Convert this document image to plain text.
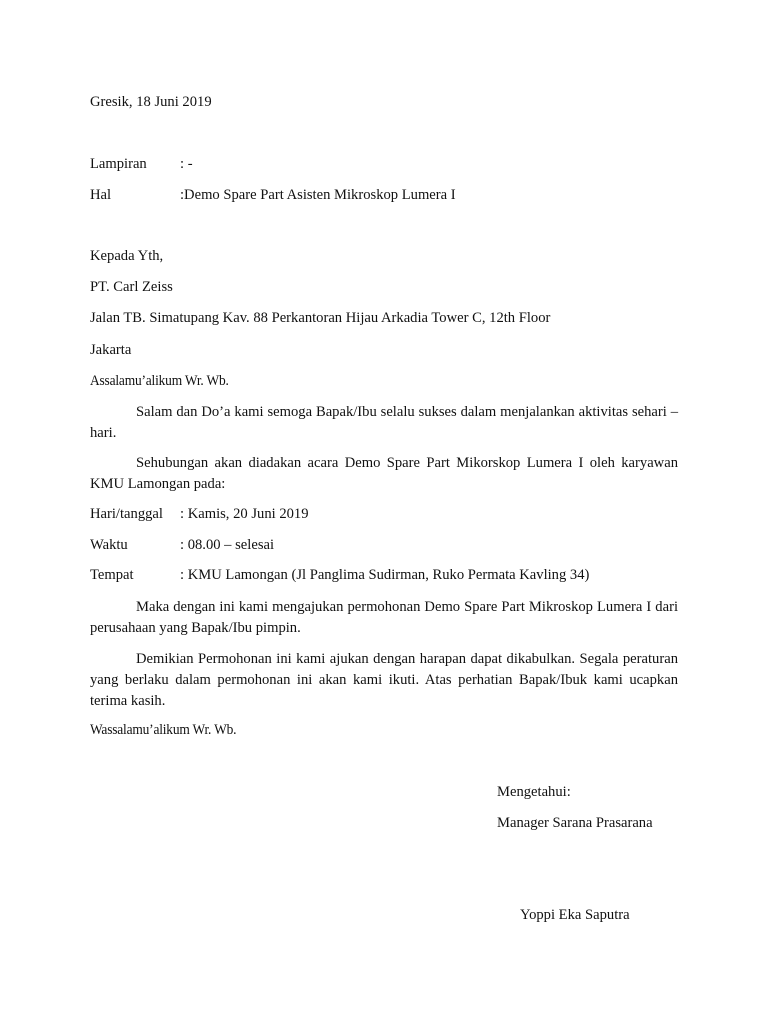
Gresik, 18 Juni 2019
Lampiran : -
Hal	:Demo Spare Part Asisten Mikroskop Lumera I
Kepada Yth,
PT. Carl Zeiss
Jalan TB. Simatupang Kav. 88 Perkantoran Hijau Arkadia Tower C, 12th Floor
Jakarta
Assalamu’alikum Wr. Wb.
Salam dan Do’a kami semoga Bapak/Ibu selalu sukses dalam menjalankan aktivitas sehari – hari.
Sehubungan akan diadakan acara Demo Spare Part Mikorskop Lumera I oleh karyawan KMU Lamongan pada:
Hari/tanggal : Kamis, 20 Juni 2019
Waktu	: 08.00 – selesai
Tempat	: KMU Lamongan (Jl Panglima Sudirman, Ruko Permata Kavling 34)
Maka dengan ini kami mengajukan permohonan Demo Spare Part Mikroskop Lumera I dari perusahaan yang Bapak/Ibu pimpin.
Demikian Permohonan ini kami ajukan dengan harapan dapat dikabulkan. Segala peraturan yang berlaku dalam permohonan ini akan kami ikuti. Atas perhatian Bapak/Ibuk kami ucapkan terima kasih.
Wassalamu’alikum Wr. Wb.
Mengetahui:
Manager Sarana Prasarana
Yoppi Eka Saputra
